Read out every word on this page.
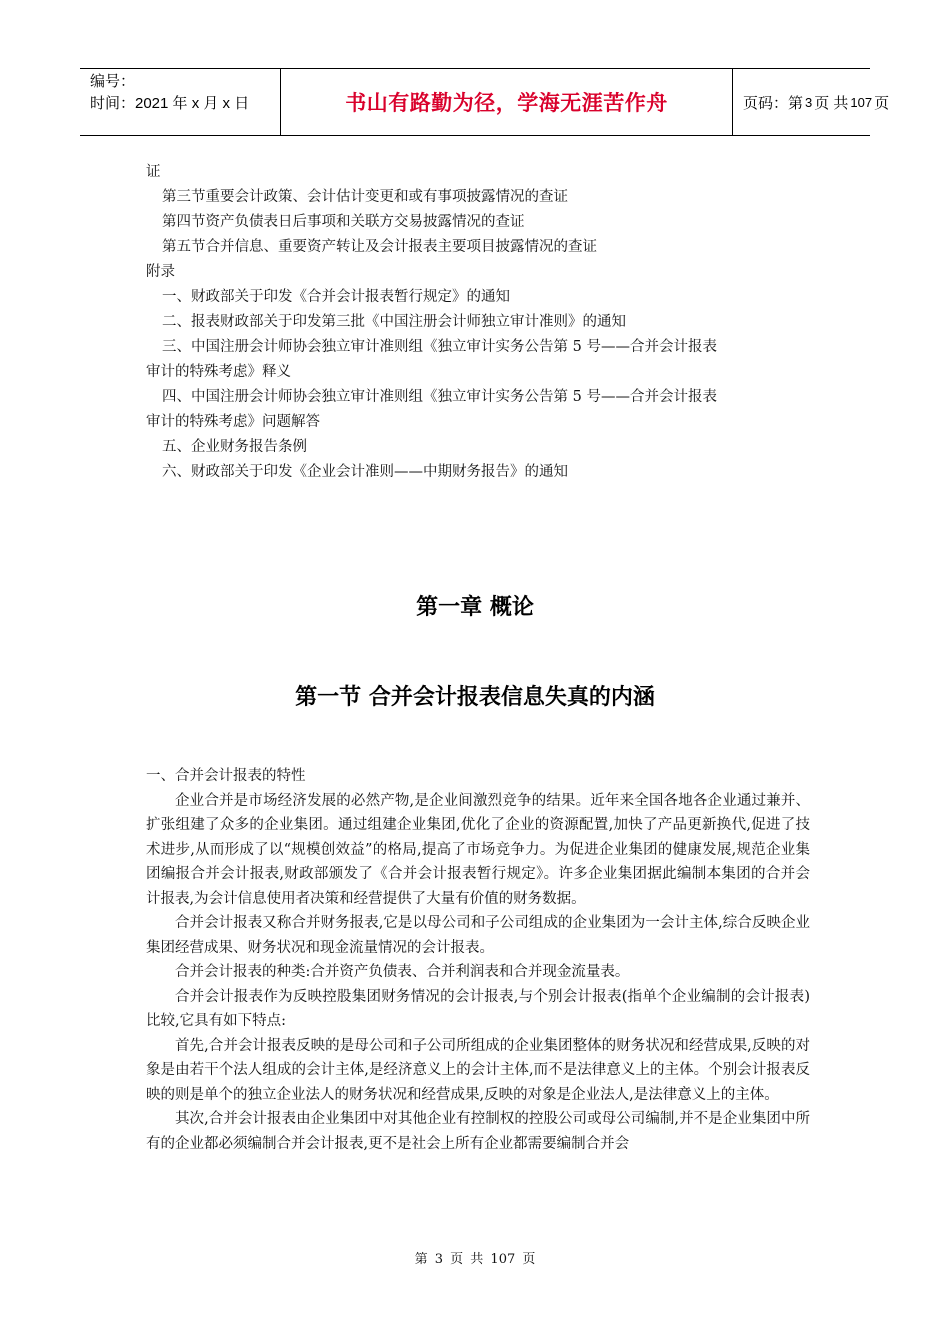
编号：
时间：2021 年 x 月 x 日	书山有路勤为径，学海无涯苦作舟	页码：第 3 页 共 107 页
证
第三节重要会计政策、会计估计变更和或有事项披露情况的查证
第四节资产负债表日后事项和关联方交易披露情况的查证
第五节合并信息、重要资产转让及会计报表主要项目披露情况的查证
附录
一、财政部关于印发《合并会计报表暂行规定》的通知
二、报表财政部关于印发第三批《中国注册会计师独立审计准则》的通知
三、中国注册会计师协会独立审计准则组《独立审计实务公告第 5 号——合并会计报表
审计的特殊考虑》释义
四、中国注册会计师协会独立审计准则组《独立审计实务公告第 5 号——合并会计报表
审计的特殊考虑》问题解答
五、企业财务报告条例
六、财政部关于印发《企业会计准则——中期财务报告》的通知
第一章 概论
第一节 合并会计报表信息失真的内涵

一、合并会计报表的特性

企业合并是市场经济发展的必然产物,是企业间激烈竞争的结果。近年来全国各地各企业通过兼并、扩张组建了众多的企业集团。通过组建企业集团,优化了企业的资源配置,加快了产品更新换代,促进了技术进步,从而形成了以“规模创效益”的格局,提高了市场竞争力。为促进企业集团的健康发展,规范企业集团编报合并会计报表,财政部颁发了《合并会计报表暂行规定》。许多企业集团据此编制本集团的合并会计报表,为会计信息使用者决策和经营提供了大量有价值的财务数据。

合并会计报表又称合并财务报表,它是以母公司和子公司组成的企业集团为一会计主体,综合反映企业集团经营成果、财务状况和现金流量情况的会计报表。

合并会计报表的种类:合并资产负债表、合并利润表和合并现金流量表。

合并会计报表作为反映控股集团财务情况的会计报表,与个别会计报表(指单个企业编制的会计报表)比较,它具有如下特点:

首先,合并会计报表反映的是母公司和子公司所组成的企业集团整体的财务状况和经营成果,反映的对象是由若干个法人组成的会计主体,是经济意义上的会计主体,而不是法律意义上的主体。个别会计报表反映的则是单个的独立企业法人的财务状况和经营成果,反映的对象是企业法人,是法律意义上的主体。

其次,合并会计报表由企业集团中对其他企业有控制权的控股公司或母公司编制,并不是企业集团中所有的企业都必须编制合并会计报表,更不是社会上所有企业都需要编制合并会

第 3 页 共 107 页
